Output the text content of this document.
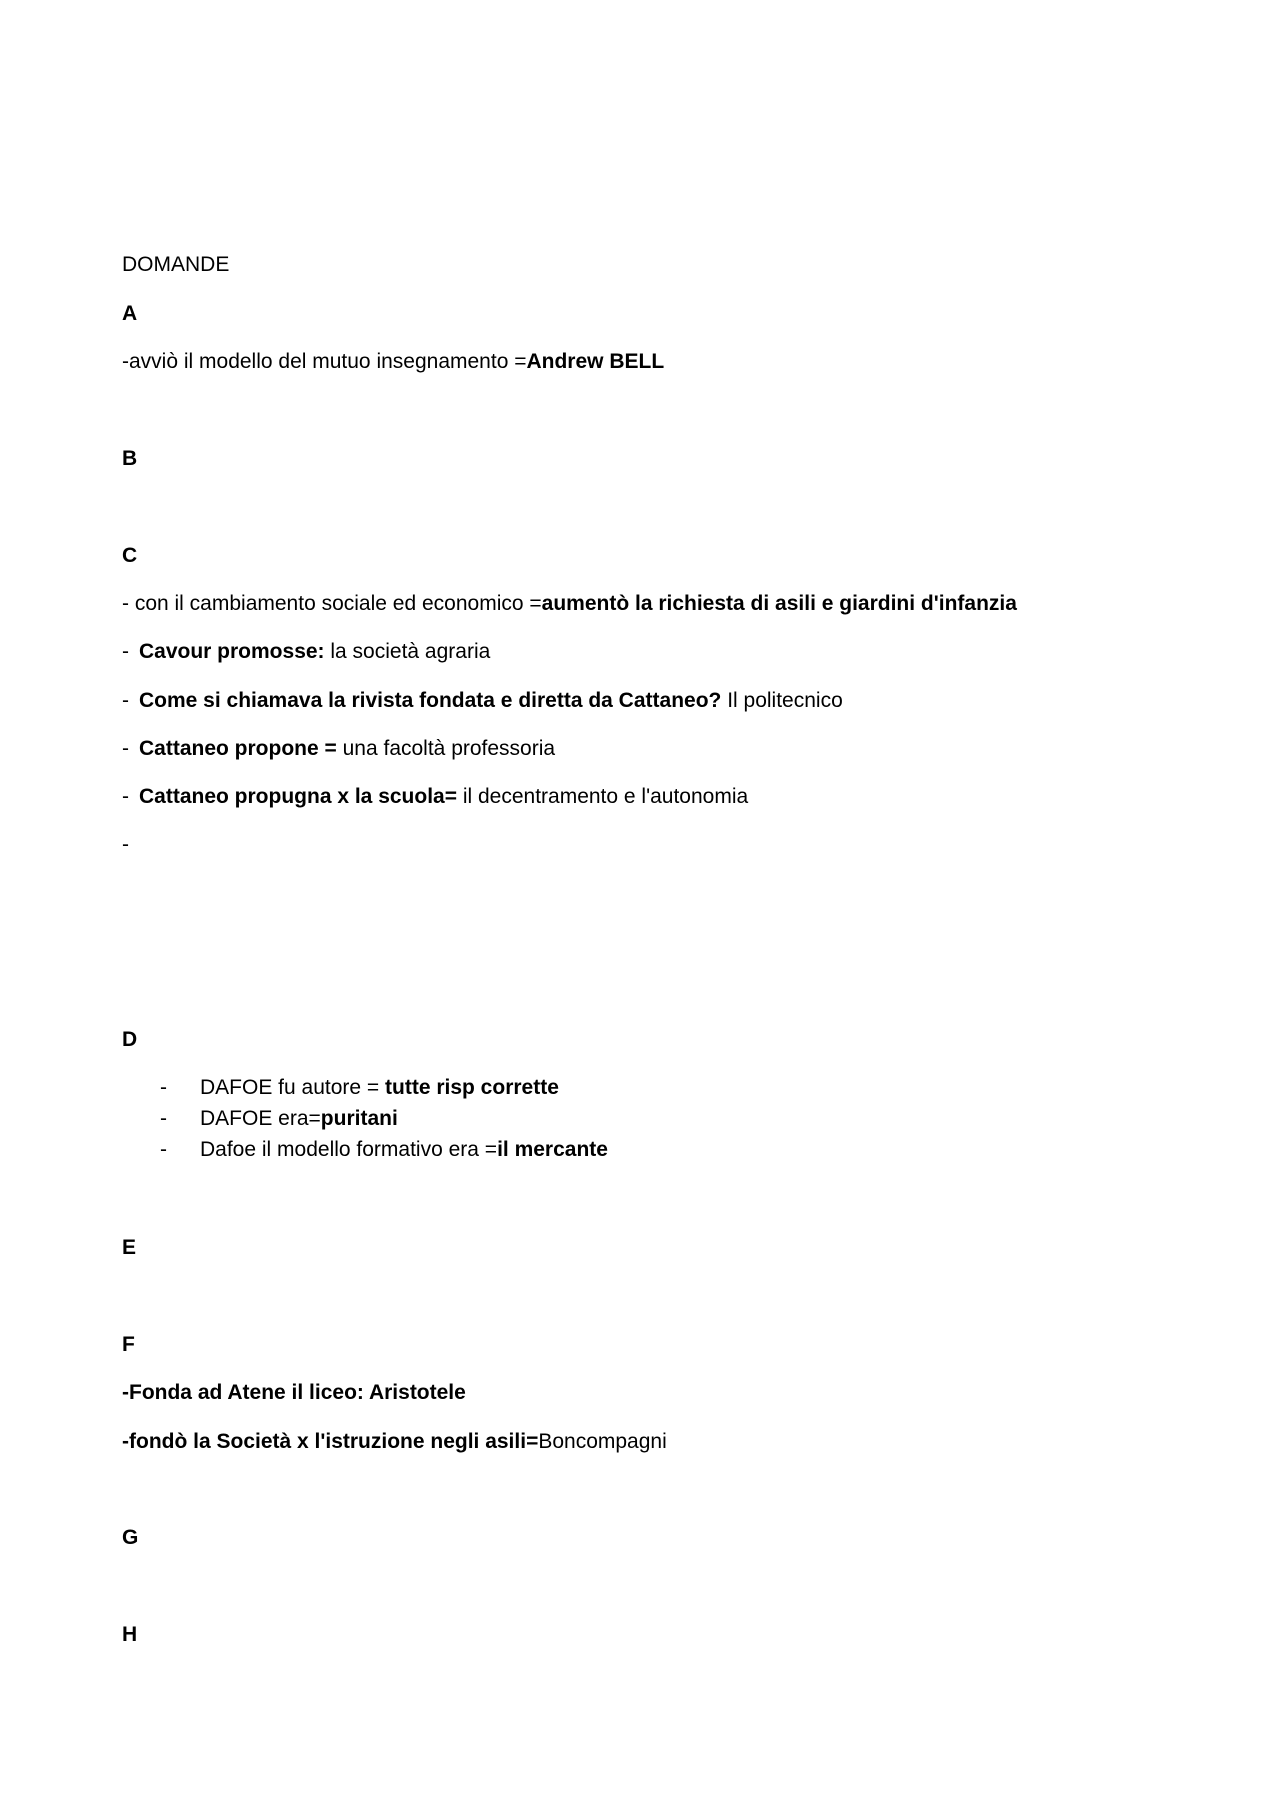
DOMANDE
A
-avviò il modello del mutuo insegnamento =Andrew BELL
B
C
- con il cambiamento sociale ed economico =aumentò la richiesta di asili e giardini d'infanzia
- Cavour promosse: la società agraria
- Come si chiamava la rivista fondata e diretta da Cattaneo? Il politecnico
- Cattaneo propone = una facoltà professoria
- Cattaneo propugna x la scuola= il decentramento e l'autonomia
-
D
- DAFOE fu autore = tutte risp corrette
- DAFOE era=puritani
- Dafoe il modello formativo era =il mercante
E
F
-Fonda ad Atene il liceo: Aristotele
-fondò la Società x l'istruzione negli asili=Boncompagni
G
H
